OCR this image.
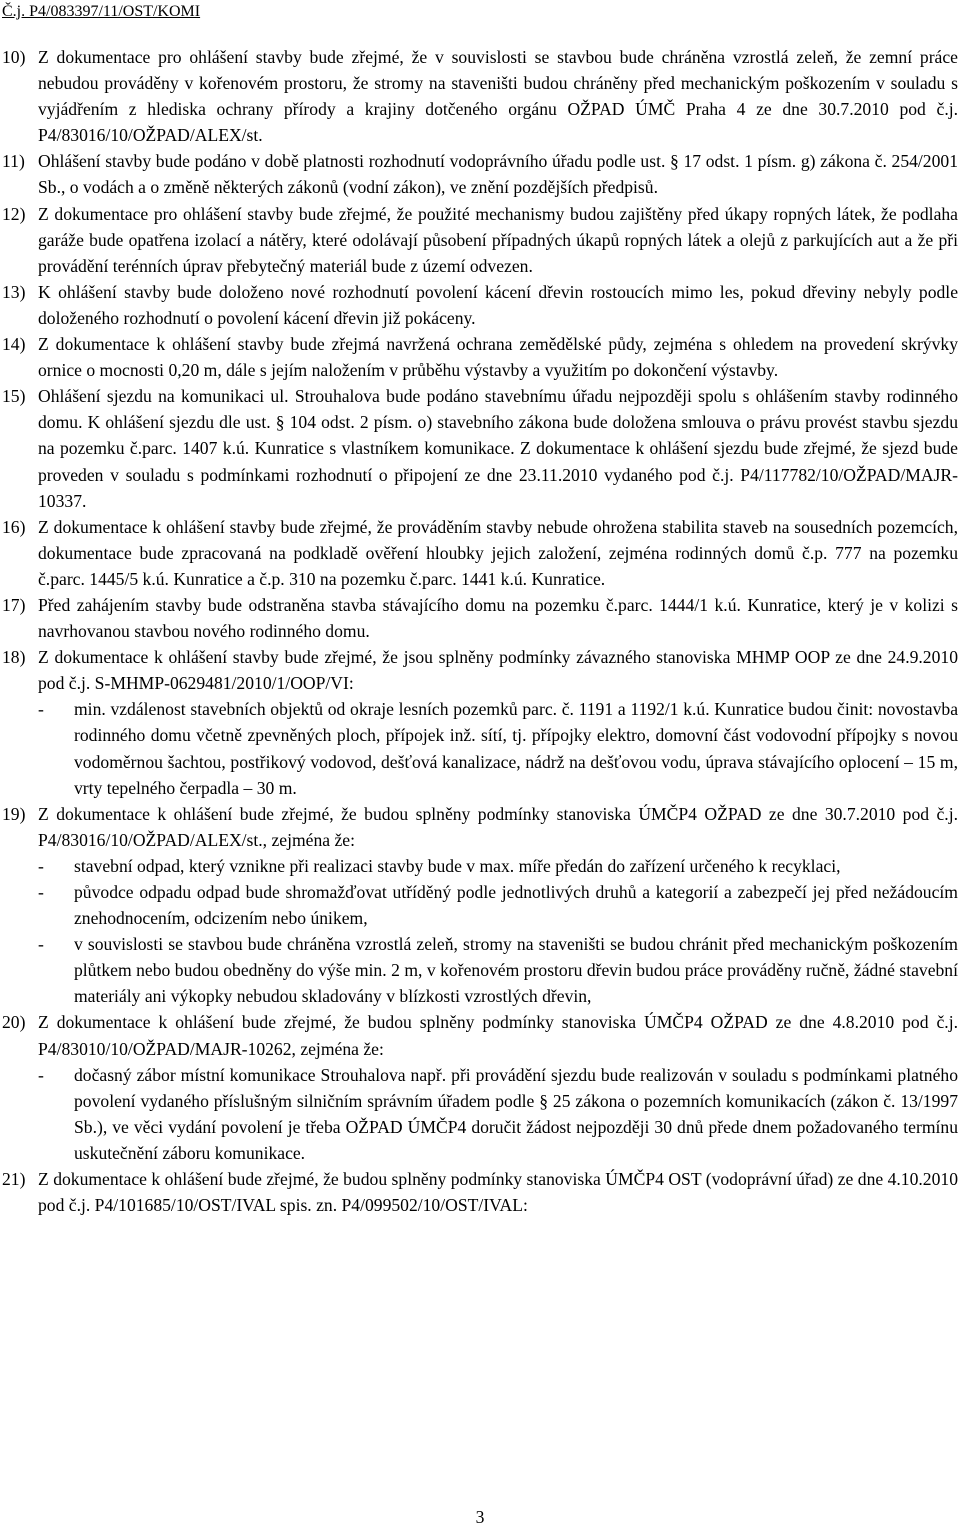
Č.j. P4/083397/11/OST/KOMI
10) Z dokumentace pro ohlášení stavby bude zřejmé, že v souvislosti se stavbou bude chráněna vzrostlá zeleň, že zemní práce nebudou prováděny v kořenovém prostoru, že stromy na staveništi budou chráněny před mechanickým poškozením v souladu s vyjádřením z hlediska ochrany přírody a krajiny dotčeného orgánu OŽPAD ÚMČ Praha 4 ze dne 30.7.2010 pod č.j. P4/83016/10/OŽPAD/ALEX/st.
11) Ohlášení stavby bude podáno v době platnosti rozhodnutí vodoprávního úřadu podle ust. § 17 odst. 1 písm. g) zákona č. 254/2001 Sb., o vodách a o změně některých zákonů (vodní zákon), ve znění pozdějších předpisů.
12) Z dokumentace pro ohlášení stavby bude zřejmé, že použité mechanismy budou zajištěny před úkapy ropných látek, že podlaha garáže bude opatřena izolací a nátěry, které odolávají působení případných úkapů ropných látek a olejů z parkujících aut a že při provádění terénních úprav přebytečný materiál bude z území odvezen.
13) K ohlášení stavby bude doloženo nové rozhodnutí povolení kácení dřevin rostoucích mimo les, pokud dřeviny nebyly podle doloženého rozhodnutí o povolení kácení dřevin již pokáceny.
14) Z dokumentace k ohlášení stavby bude zřejmá navržená ochrana zemědělské půdy, zejména s ohledem na provedení skrývky ornice o mocnosti 0,20 m, dále s jejím naložením v průběhu výstavby a využitím po dokončení výstavby.
15) Ohlášení sjezdu na komunikaci ul. Strouhalova bude podáno stavebnímu úřadu nejpozději spolu s ohlášením stavby rodinného domu. K ohlášení sjezdu dle ust. § 104 odst. 2 písm. o) stavebního zákona bude doložena smlouva o právu provést stavbu sjezdu na pozemku č.parc. 1407 k.ú. Kunratice s vlastníkem komunikace. Z dokumentace k ohlášení sjezdu bude zřejmé, že sjezd bude proveden v souladu s podmínkami rozhodnutí o připojení ze dne 23.11.2010 vydaného pod č.j. P4/117782/10/OŽPAD/MAJR-10337.
16) Z dokumentace k ohlášení stavby bude zřejmé, že prováděním stavby nebude ohrožena stabilita staveb na sousedních pozemcích, dokumentace bude zpracovaná na podkladě ověření hloubky jejich založení, zejména rodinných domů č.p. 777 na pozemku č.parc. 1445/5 k.ú. Kunratice a č.p. 310 na pozemku č.parc. 1441 k.ú. Kunratice.
17) Před zahájením stavby bude odstraněna stavba stávajícího domu na pozemku č.parc. 1444/1 k.ú. Kunratice, který je v kolizi s navrhovanou stavbou nového rodinného domu.
18) Z dokumentace k ohlášení stavby bude zřejmé, že jsou splněny podmínky závazného stanoviska MHMP OOP ze dne 24.9.2010 pod č.j. S-MHMP-0629481/2010/1/OOP/VI:
-	min. vzdálenost stavebních objektů od okraje lesních pozemků parc. č. 1191 a 1192/1 k.ú. Kunratice budou činit: novostavba rodinného domu včetně zpevněných ploch, přípojek inž. sítí, tj. přípojky elektro, domovní část vodovodní přípojky s novou vodoměrnou šachtou, postřikový vodovod, dešťová kanalizace, nádrž na dešťovou vodu, úprava stávajícího oplocení – 15 m, vrty tepelného čerpadla – 30 m.
19) Z dokumentace k ohlášení bude zřejmé, že budou splněny podmínky stanoviska ÚMČP4 OŽPAD ze dne 30.7.2010 pod č.j. P4/83016/10/OŽPAD/ALEX/st., zejména že:
-	stavební odpad, který vznikne při realizaci stavby bude v max. míře předán do zařízení určeného k recyklaci,
-	původce odpadu odpad bude shromažďovat utříděný podle jednotlivých druhů a kategorií a zabezpečí jej před nežádoucím znehodnocením, odcizením nebo únikem,
-	v souvislosti se stavbou bude chráněna vzrostlá zeleň, stromy na staveništi se budou chránit před mechanickým poškozením plůtkem nebo budou obedněny do výše min. 2 m, v kořenovém prostoru dřevin budou práce prováděny ručně, žádné stavební materiály ani výkopky nebudou skladovány v blízkosti vzrostlých dřevin,
20) Z dokumentace k ohlášení bude zřejmé, že budou splněny podmínky stanoviska ÚMČP4 OŽPAD ze dne 4.8.2010 pod č.j. P4/83010/10/OŽPAD/MAJR-10262, zejména že:
-	dočasný zábor místní komunikace Strouhalova např. při provádění sjezdu bude realizován v souladu s podmínkami platného povolení vydaného příslušným silničním správním úřadem podle § 25 zákona o pozemních komunikacích (zákon č. 13/1997 Sb.), ve věci vydání povolení je třeba OŽPAD ÚMČP4 doručit žádost nejpozději 30 dnů přede dnem požadovaného termínu uskutečnění záboru komunikace.
21) Z dokumentace k ohlášení bude zřejmé, že budou splněny podmínky stanoviska ÚMČP4 OST (vodoprávní úřad) ze dne 4.10.2010 pod č.j. P4/101685/10/OST/IVAL spis. zn. P4/099502/10/OST/IVAL:
3
